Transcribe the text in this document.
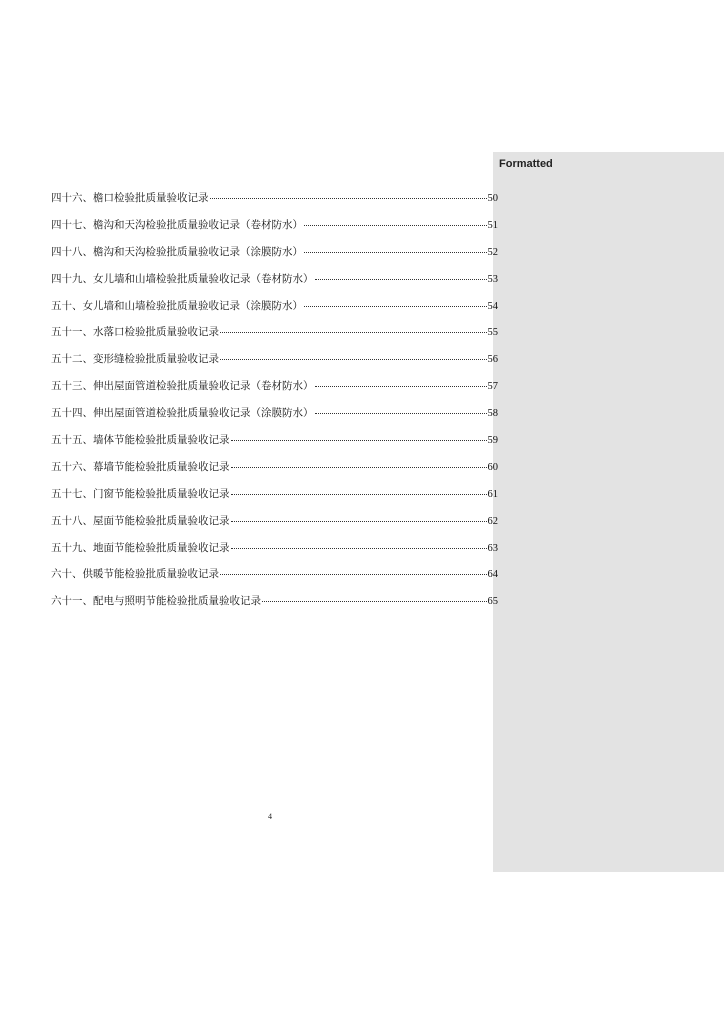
Formatted
四十六、檐口检验批质量验收记录	50
四十七、檐沟和天沟检验批质量验收记录（卷材防水）	51
四十八、檐沟和天沟检验批质量验收记录（涂膜防水）	52
四十九、女儿墙和山墙检验批质量验收记录（卷材防水）	53
五十、女儿墙和山墙检验批质量验收记录（涂膜防水）	54
五十一、水落口检验批质量验收记录	55
五十二、变形缝检验批质量验收记录	56
五十三、伸出屋面管道检验批质量验收记录（卷材防水）	57
五十四、伸出屋面管道检验批质量验收记录（涂膜防水）	58
五十五、墙体节能检验批质量验收记录	59
五十六、幕墙节能检验批质量验收记录	60
五十七、门窗节能检验批质量验收记录	61
五十八、屋面节能检验批质量验收记录	62
五十九、地面节能检验批质量验收记录	63
六十、供暖节能检验批质量验收记录	64
六十一、配电与照明节能检验批质量验收记录	65
4
